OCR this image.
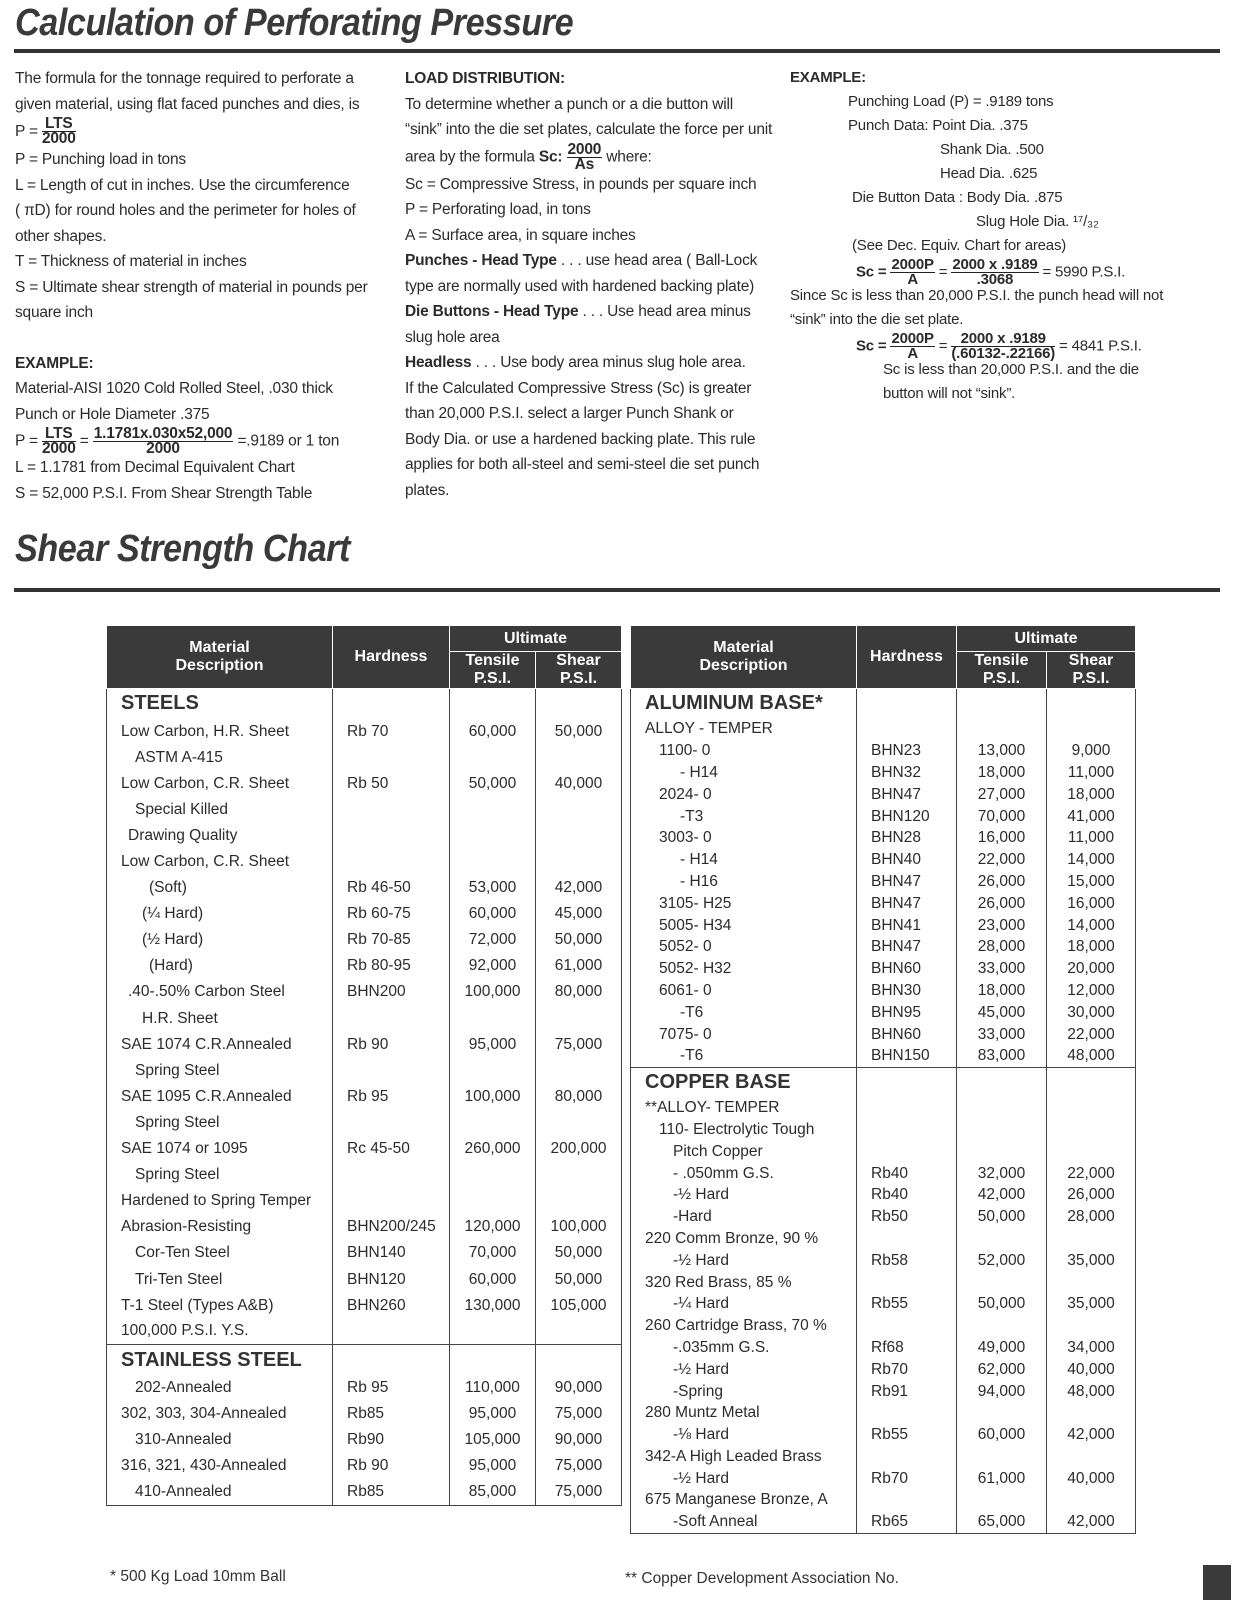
Calculation of Perforating Pressure
The formula for the tonnage required to perforate a
given material, using flat faced punches and dies, is
$P = \frac{\text{LTS}}{2000}$
P = Punching load in tons
L = Length of cut in inches. Use the circumference
( πD) for round holes and the perimeter for holes of
other shapes.
T = Thickness of material in inches
S = Ultimate shear strength of material in pounds per
square inch
EXAMPLE:
Material-AISI 1020 Cold Rolled Steel, .030 thick
Punch or Hole Diameter .375
$P = \frac{\text{LTS}}{2000} = \frac{1.1781x.030x52,000}{2000} =.9189$ or 1 ton
L = 1.1781 from Decimal Equivalent Chart
S = 52,000 P.S.I. From Shear Strength Table
LOAD DISTRIBUTION:
To determine whether a punch or a die button will
“sink” into the die set plates, calculate the force per unit
area by the formula Sc: $\frac{2000}{As}$ where:
Sc = Compressive Stress, in pounds per square inch
P = Perforating load, in tons
A = Surface area, in square inches
Punches - Head Type . . . use head area ( Ball-Lock
type are normally used with hardened backing plate)
Die Buttons - Head Type . . . Use head area minus
slug hole area
Headless . . . Use body area minus slug hole area.
If the Calculated Compressive Stress (Sc) is greater
than 20,000 P.S.I. select a larger Punch Shank or
Body Dia. or use a hardened backing plate. This rule
applies for both all-steel and semi-steel die set punch
plates.
EXAMPLE:
Punching Load (P) = .9189 tons
Punch Data: Point Dia. .375
Shank Dia. .500
Head Dia. .625
Die Button Data : Body Dia. .875
Slug Hole Dia. ¹⁷/₃₂
(See Dec. Equiv. Chart for areas)
$Sc = \frac{2000P}{A} = \frac{2000 x .9189}{.3068} = 5990$ P.S.I.
Since Sc is less than 20,000 P.S.I. the punch head will not
“sink” into the die set plate.
$Sc = \frac{2000P}{A} = \frac{2000 x .9189}{(.60132-.22166)} = 4841$ P.S.I.
Sc is less than 20,000 P.S.I. and the die
button will not “sink”.
Shear Strength Chart
Material Description	Hardness	Ultimate	
		Tensile P.S.I.	Shear P.S.I.
STEELS			
Low Carbon, H.R. Sheet	Rb 70	60,000	50,000
ASTM A-415			
Low Carbon, C.R. Sheet	Rb 50	50,000	40,000
Special Killed			
Drawing Quality			
Low Carbon, C.R. Sheet			
(Soft)	Rb 46-50	53,000	42,000
(¼ Hard)	Rb 60-75	60,000	45,000
(½ Hard)	Rb 70-85	72,000	50,000
(Hard)	Rb 80-95	92,000	61,000
.40-.50% Carbon Steel	BHN200	100,000	80,000
H.R. Sheet			
SAE 1074 C.R.Annealed	Rb 90	95,000	75,000
Spring Steel			
SAE 1095 C.R.Annealed	Rb 95	100,000	80,000
Spring Steel			
SAE 1074 or 1095	Rc 45-50	260,000	200,000
Spring Steel			
Hardened to Spring Temper			
Abrasion-Resisting	BHN200/245	120,000	100,000
Cor-Ten Steel	BHN140	70,000	50,000
Tri-Ten Steel	BHN120	60,000	50,000
T-1 Steel (Types A&B)	BHN260	130,000	105,000
100,000 P.S.I. Y.S.			
STAINLESS STEEL			
202-Annealed	Rb 95	110,000	90,000
302, 303, 304-Annealed	Rb85	95,000	75,000
310-Annealed	Rb90	105,000	90,000
316, 321, 430-Annealed	Rb 90	95,000	75,000
410-Annealed	Rb85	85,000	75,000
Material Description	Hardness	Ultimate	
		Tensile P.S.I.	Shear P.S.I.
ALUMINUM BASE*			
ALLOY - TEMPER			
1100- 0	BHN23	13,000	9,000
- H14	BHN32	18,000	11,000
2024- 0	BHN47	27,000	18,000
-T3	BHN120	70,000	41,000
3003- 0	BHN28	16,000	11,000
- H14	BHN40	22,000	14,000
- H16	BHN47	26,000	15,000
3105- H25	BHN47	26,000	16,000
5005- H34	BHN41	23,000	14,000
5052- 0	BHN47	28,000	18,000
5052- H32	BHN60	33,000	20,000
6061- 0	BHN30	18,000	12,000
-T6	BHN95	45,000	30,000
7075- 0	BHN60	33,000	22,000
-T6	BHN150	83,000	48,000
COPPER BASE			
**ALLOY- TEMPER			
110- Electrolytic Tough			
Pitch Copper			
- .050mm G.S.	Rb40	32,000	22,000
-½ Hard	Rb40	42,000	26,000
-Hard	Rb50	50,000	28,000
220 Comm Bronze, 90 %			
-½ Hard	Rb58	52,000	35,000
320 Red Brass, 85 %			
-¼ Hard	Rb55	50,000	35,000
260 Cartridge Brass, 70 %			
-.035mm G.S.	Rf68	49,000	34,000
-½ Hard	Rb70	62,000	40,000
-Spring	Rb91	94,000	48,000
280 Muntz Metal			
-⅛ Hard	Rb55	60,000	42,000
342-A High Leaded Brass			
-½ Hard	Rb70	61,000	40,000
675 Manganese Bronze, A			
-Soft Anneal	Rb65	65,000	42,000
* 500 Kg Load 10mm Ball	** Copper Development Association No.
